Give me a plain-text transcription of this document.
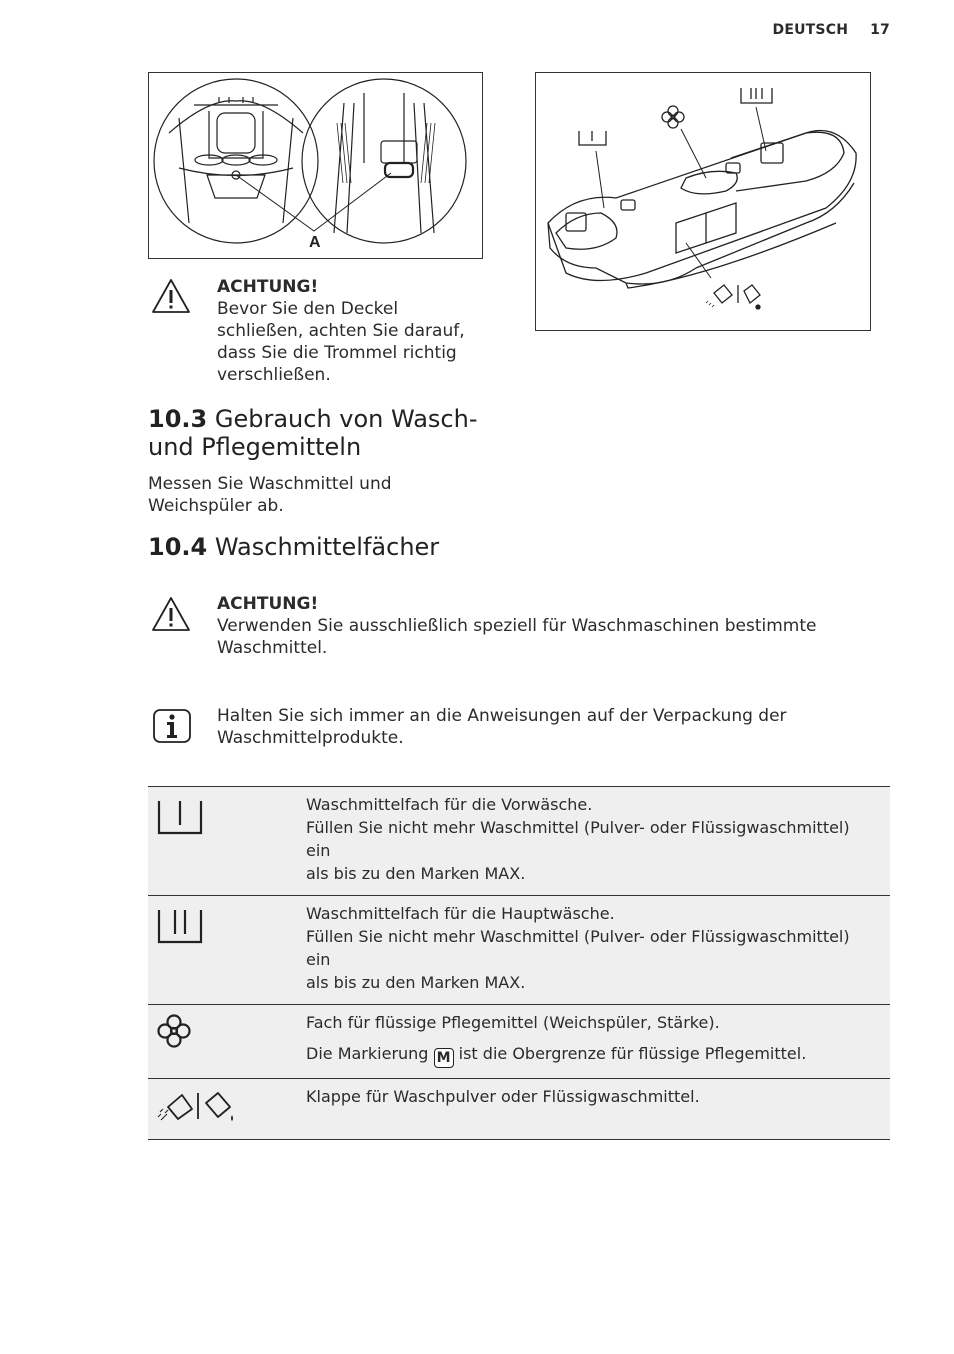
DEUTSCH 17
A
ACHTUNG!
Bevor Sie den Deckel
schließen, achten Sie darauf,
dass Sie die Trommel richtig
verschließen.
10.3 Gebrauch von Wasch-
und Pflegemitteln
Messen Sie Waschmittel und
Weichspüler ab.
10.4 Waschmittelfächer
ACHTUNG!
Verwenden Sie ausschließlich speziell für Waschmaschinen bestimmte
Waschmittel.
Halten Sie sich immer an die Anweisungen auf der Verpackung der
Waschmittelprodukte.

Waschmittelfach für die Vorwäsche.
Füllen Sie nicht mehr Waschmittel (Pulver- oder Flüssigwaschmittel) ein
als bis zu den Marken MAX.

Waschmittelfach für die Hauptwäsche.
Füllen Sie nicht mehr Waschmittel (Pulver- oder Flüssigwaschmittel) ein
als bis zu den Marken MAX.

Fach für flüssige Pflegemittel (Weichspüler, Stärke).
Die Markierung M ist die Obergrenze für flüssige Pflegemittel.

Klappe für Waschpulver oder Flüssigwaschmittel.
